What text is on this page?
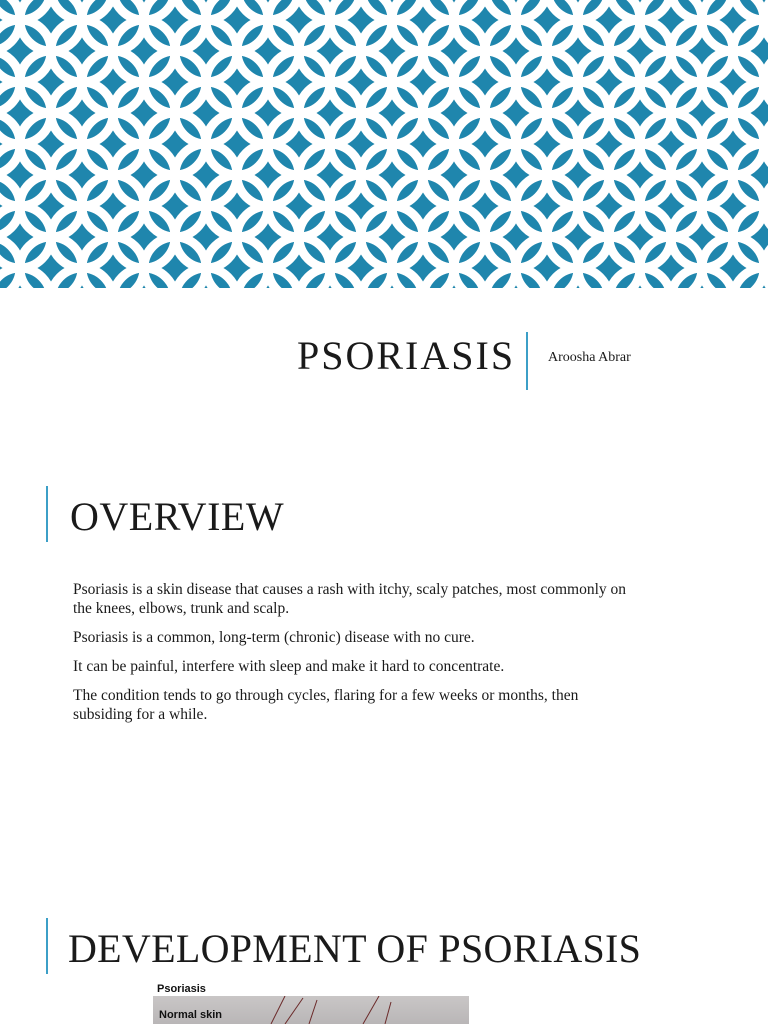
PSORIASIS Aroosha Abrar
OVERVIEW
Psoriasis is a skin disease that causes a rash with itchy, scaly patches, most commonly on the knees, elbows, trunk and scalp.
Psoriasis is a common, long-term (chronic) disease with no cure.
It can be painful, interfere with sleep and make it hard to concentrate.
The condition tends to go through cycles, flaring for a few weeks or months, then subsiding for a while.
DEVELOPMENT OF PSORIASIS
Psoriasis
Normal skin
